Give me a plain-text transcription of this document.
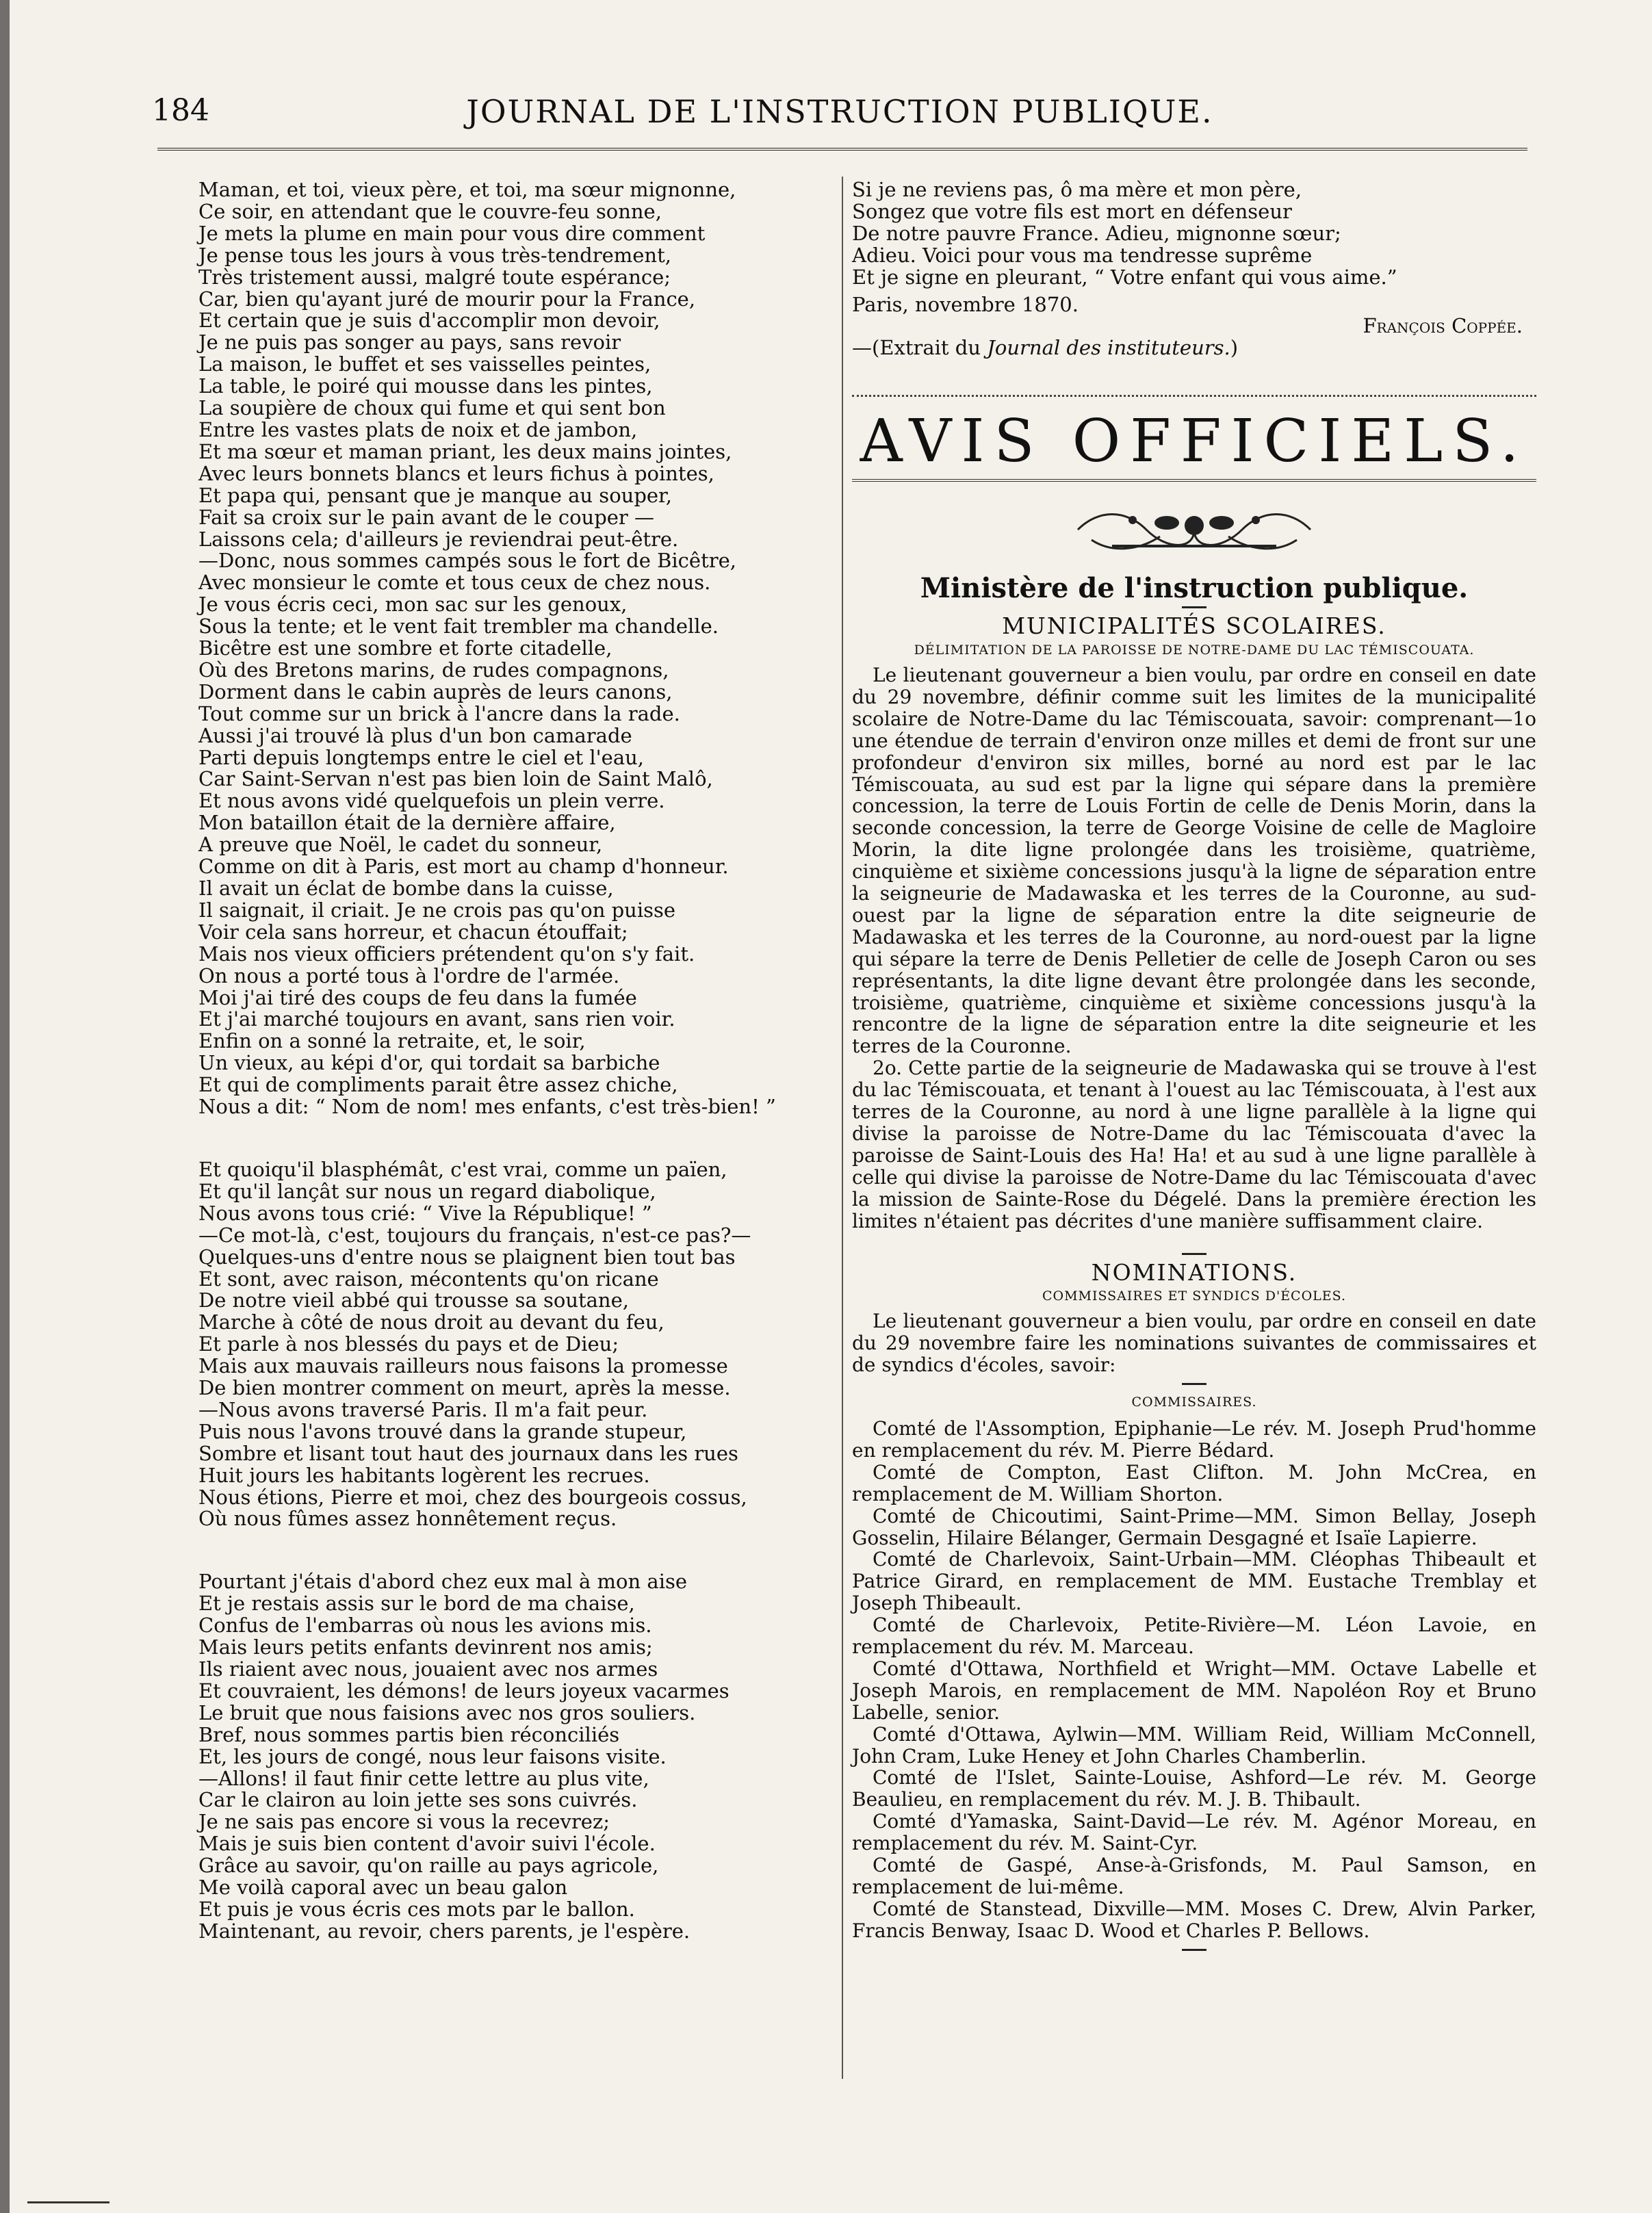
184	JOURNAL DE L'INSTRUCTION PUBLIQUE.
Maman, et toi, vieux père, et toi, ma sœur mignonne,
Ce soir, en attendant que le couvre-feu sonne,
Je mets la plume en main pour vous dire comment
Je pense tous les jours à vous très-tendrement,
Très tristement aussi, malgré toute espérance;
Car, bien qu'ayant juré de mourir pour la France,
Et certain que je suis d'accomplir mon devoir,
Je ne puis pas songer au pays, sans revoir
La maison, le buffet et ses vaisselles peintes,
La table, le poiré qui mousse dans les pintes,
La soupière de choux qui fume et qui sent bon
Entre les vastes plats de noix et de jambon,
Et ma sœur et maman priant, les deux mains jointes,
Avec leurs bonnets blancs et leurs fichus à pointes,
Et papa qui, pensant que je manque au souper,
Fait sa croix sur le pain avant de le couper —
Laissons cela; d'ailleurs je reviendrai peut-être.
—Donc, nous sommes campés sous le fort de Bicêtre,
Avec monsieur le comte et tous ceux de chez nous.
Je vous écris ceci, mon sac sur les genoux,
Sous la tente; et le vent fait trembler ma chandelle.
Bicêtre est une sombre et forte citadelle,
Où des Bretons marins, de rudes compagnons,
Dorment dans le cabin auprès de leurs canons,
Tout comme sur un brick à l'ancre dans la rade.
Aussi j'ai trouvé là plus d'un bon camarade
Parti depuis longtemps entre le ciel et l'eau,
Car Saint-Servan n'est pas bien loin de Saint Malô,
Et nous avons vidé quelquefois un plein verre.
Mon bataillon était de la dernière affaire,
A preuve que Noël, le cadet du sonneur,
Comme on dit à Paris, est mort au champ d'honneur.
Il avait un éclat de bombe dans la cuisse,
Il saignait, il criait. Je ne crois pas qu'on puisse
Voir cela sans horreur, et chacun étouffait;
Mais nos vieux officiers prétendent qu'on s'y fait.
On nous a porté tous à l'ordre de l'armée.
Moi j'ai tiré des coups de feu dans la fumée
Et j'ai marché toujours en avant, sans rien voir.
Enfin on a sonné la retraite, et, le soir,
Un vieux, au képi d'or, qui tordait sa barbiche
Et qui de compliments parait être assez chiche,
Nous a dit: “ Nom de nom! mes enfants, c'est très-bien! ”
Et quoiqu'il blasphémât, c'est vrai, comme un païen,
Et qu'il lançât sur nous un regard diabolique,
Nous avons tous crié: “ Vive la République! ”
—Ce mot-là, c'est, toujours du français, n'est-ce pas?—
Quelques-uns d'entre nous se plaignent bien tout bas
Et sont, avec raison, mécontents qu'on ricane
De notre vieil abbé qui trousse sa soutane,
Marche à côté de nous droit au devant du feu,
Et parle à nos blessés du pays et de Dieu;
Mais aux mauvais railleurs nous faisons la promesse
De bien montrer comment on meurt, après la messe.
—Nous avons traversé Paris. Il m'a fait peur.
Puis nous l'avons trouvé dans la grande stupeur,
Sombre et lisant tout haut des journaux dans les rues
Huit jours les habitants logèrent les recrues.
Nous étions, Pierre et moi, chez des bourgeois cossus,
Où nous fûmes assez honnêtement reçus.
Pourtant j'étais d'abord chez eux mal à mon aise
Et je restais assis sur le bord de ma chaise,
Confus de l'embarras où nous les avions mis.
Mais leurs petits enfants devinrent nos amis;
Ils riaient avec nous, jouaient avec nos armes
Et couvraient, les démons! de leurs joyeux vacarmes
Le bruit que nous faisions avec nos gros souliers.
Bref, nous sommes partis bien réconciliés
Et, les jours de congé, nous leur faisons visite.
—Allons! il faut finir cette lettre au plus vite,
Car le clairon au loin jette ses sons cuivrés.
Je ne sais pas encore si vous la recevrez;
Mais je suis bien content d'avoir suivi l'école.
Grâce au savoir, qu'on raille au pays agricole,
Me voilà caporal avec un beau galon
Et puis je vous écris ces mots par le ballon.
Maintenant, au revoir, chers parents, je l'espère.
Si je ne reviens pas, ô ma mère et mon père,
Songez que votre fils est mort en défenseur
De notre pauvre France. Adieu, mignonne sœur;
Adieu. Voici pour vous ma tendresse suprême
Et je signe en pleurant, “ Votre enfant qui vous aime.”
Paris, novembre 1870.
François Coppée.
—(Extrait du Journal des instituteurs.)
AVIS OFFICIELS.
Ministère de l'instruction publique.
MUNICIPALITÉS SCOLAIRES.
DÉLIMITATION DE LA PAROISSE DE NOTRE-DAME DU LAC TÉMISCOUATA.

Le lieutenant gouverneur a bien voulu, par ordre en conseil en date du 29 novembre, définir comme suit les limites de la municipalité scolaire de Notre-Dame du lac Témiscouata, savoir: comprenant—1o une étendue de terrain d'environ onze milles et demi de front sur une profondeur d'environ six milles, borné au nord est par le lac Témiscouata, au sud est par la ligne qui sépare dans la première concession, la terre de Louis Fortin de celle de Denis Morin, dans la seconde concession, la terre de George Voisine de celle de Magloire Morin, la dite ligne prolongée dans les troisième, quatrième, cinquième et sixième concessions jusqu'à la ligne de séparation entre la seigneurie de Madawaska et les terres de la Couronne, au sud-ouest par la ligne de séparation entre la dite seigneurie de Madawaska et les terres de la Couronne, au nord-ouest par la ligne qui sépare la terre de Denis Pelletier de celle de Joseph Caron ou ses représentants, la dite ligne devant être prolongée dans les seconde, troisième, quatrième, cinquième et sixième concessions jusqu'à la rencontre de la ligne de séparation entre la dite seigneurie et les terres de la Couronne.

2o. Cette partie de la seigneurie de Madawaska qui se trouve à l'est du lac Témiscouata, et tenant à l'ouest au lac Témiscouata, à l'est aux terres de la Couronne, au nord à une ligne parallèle à la ligne qui divise la paroisse de Notre-Dame du lac Témiscouata d'avec la paroisse de Saint-Louis des Ha! Ha! et au sud à une ligne parallèle à celle qui divise la paroisse de Notre-Dame du lac Témiscouata d'avec la mission de Sainte-Rose du Dégelé. Dans la première érection les limites n'étaient pas décrites d'une manière suffisamment claire.

NOMINATIONS.
COMMISSAIRES ET SYNDICS D'ÉCOLES.

Le lieutenant gouverneur a bien voulu, par ordre en conseil en date du 29 novembre faire les nominations suivantes de commissaires et de syndics d'écoles, savoir:

COMMISSAIRES.

Comté de l'Assomption, Epiphanie—Le rév. M. Joseph Prud'homme en remplacement du rév. M. Pierre Bédard.

Comté de Compton, East Clifton. M. John McCrea, en remplacement de M. William Shorton.

Comté de Chicoutimi, Saint-Prime—MM. Simon Bellay, Joseph Gosselin, Hilaire Bélanger, Germain Desgagné et Isaïe Lapierre.

Comté de Charlevoix, Saint-Urbain—MM. Cléophas Thibeault et Patrice Girard, en remplacement de MM. Eustache Tremblay et Joseph Thibeault.

Comté de Charlevoix, Petite-Rivière—M. Léon Lavoie, en remplacement du rév. M. Marceau.

Comté d'Ottawa, Northfield et Wright—MM. Octave Labelle et Joseph Marois, en remplacement de MM. Napoléon Roy et Bruno Labelle, senior.

Comté d'Ottawa, Aylwin—MM. William Reid, William McConnell, John Cram, Luke Heney et John Charles Chamberlin.

Comté de l'Islet, Sainte-Louise, Ashford—Le rév. M. George Beaulieu, en remplacement du rév. M. J. B. Thibault.

Comté d'Yamaska, Saint-David—Le rév. M. Agénor Moreau, en remplacement du rév. M. Saint-Cyr.

Comté de Gaspé, Anse-à-Grisfonds, M. Paul Samson, en remplacement de lui-même.

Comté de Stanstead, Dixville—MM. Moses C. Drew, Alvin Parker, Francis Benway, Isaac D. Wood et Charles P. Bellows.
